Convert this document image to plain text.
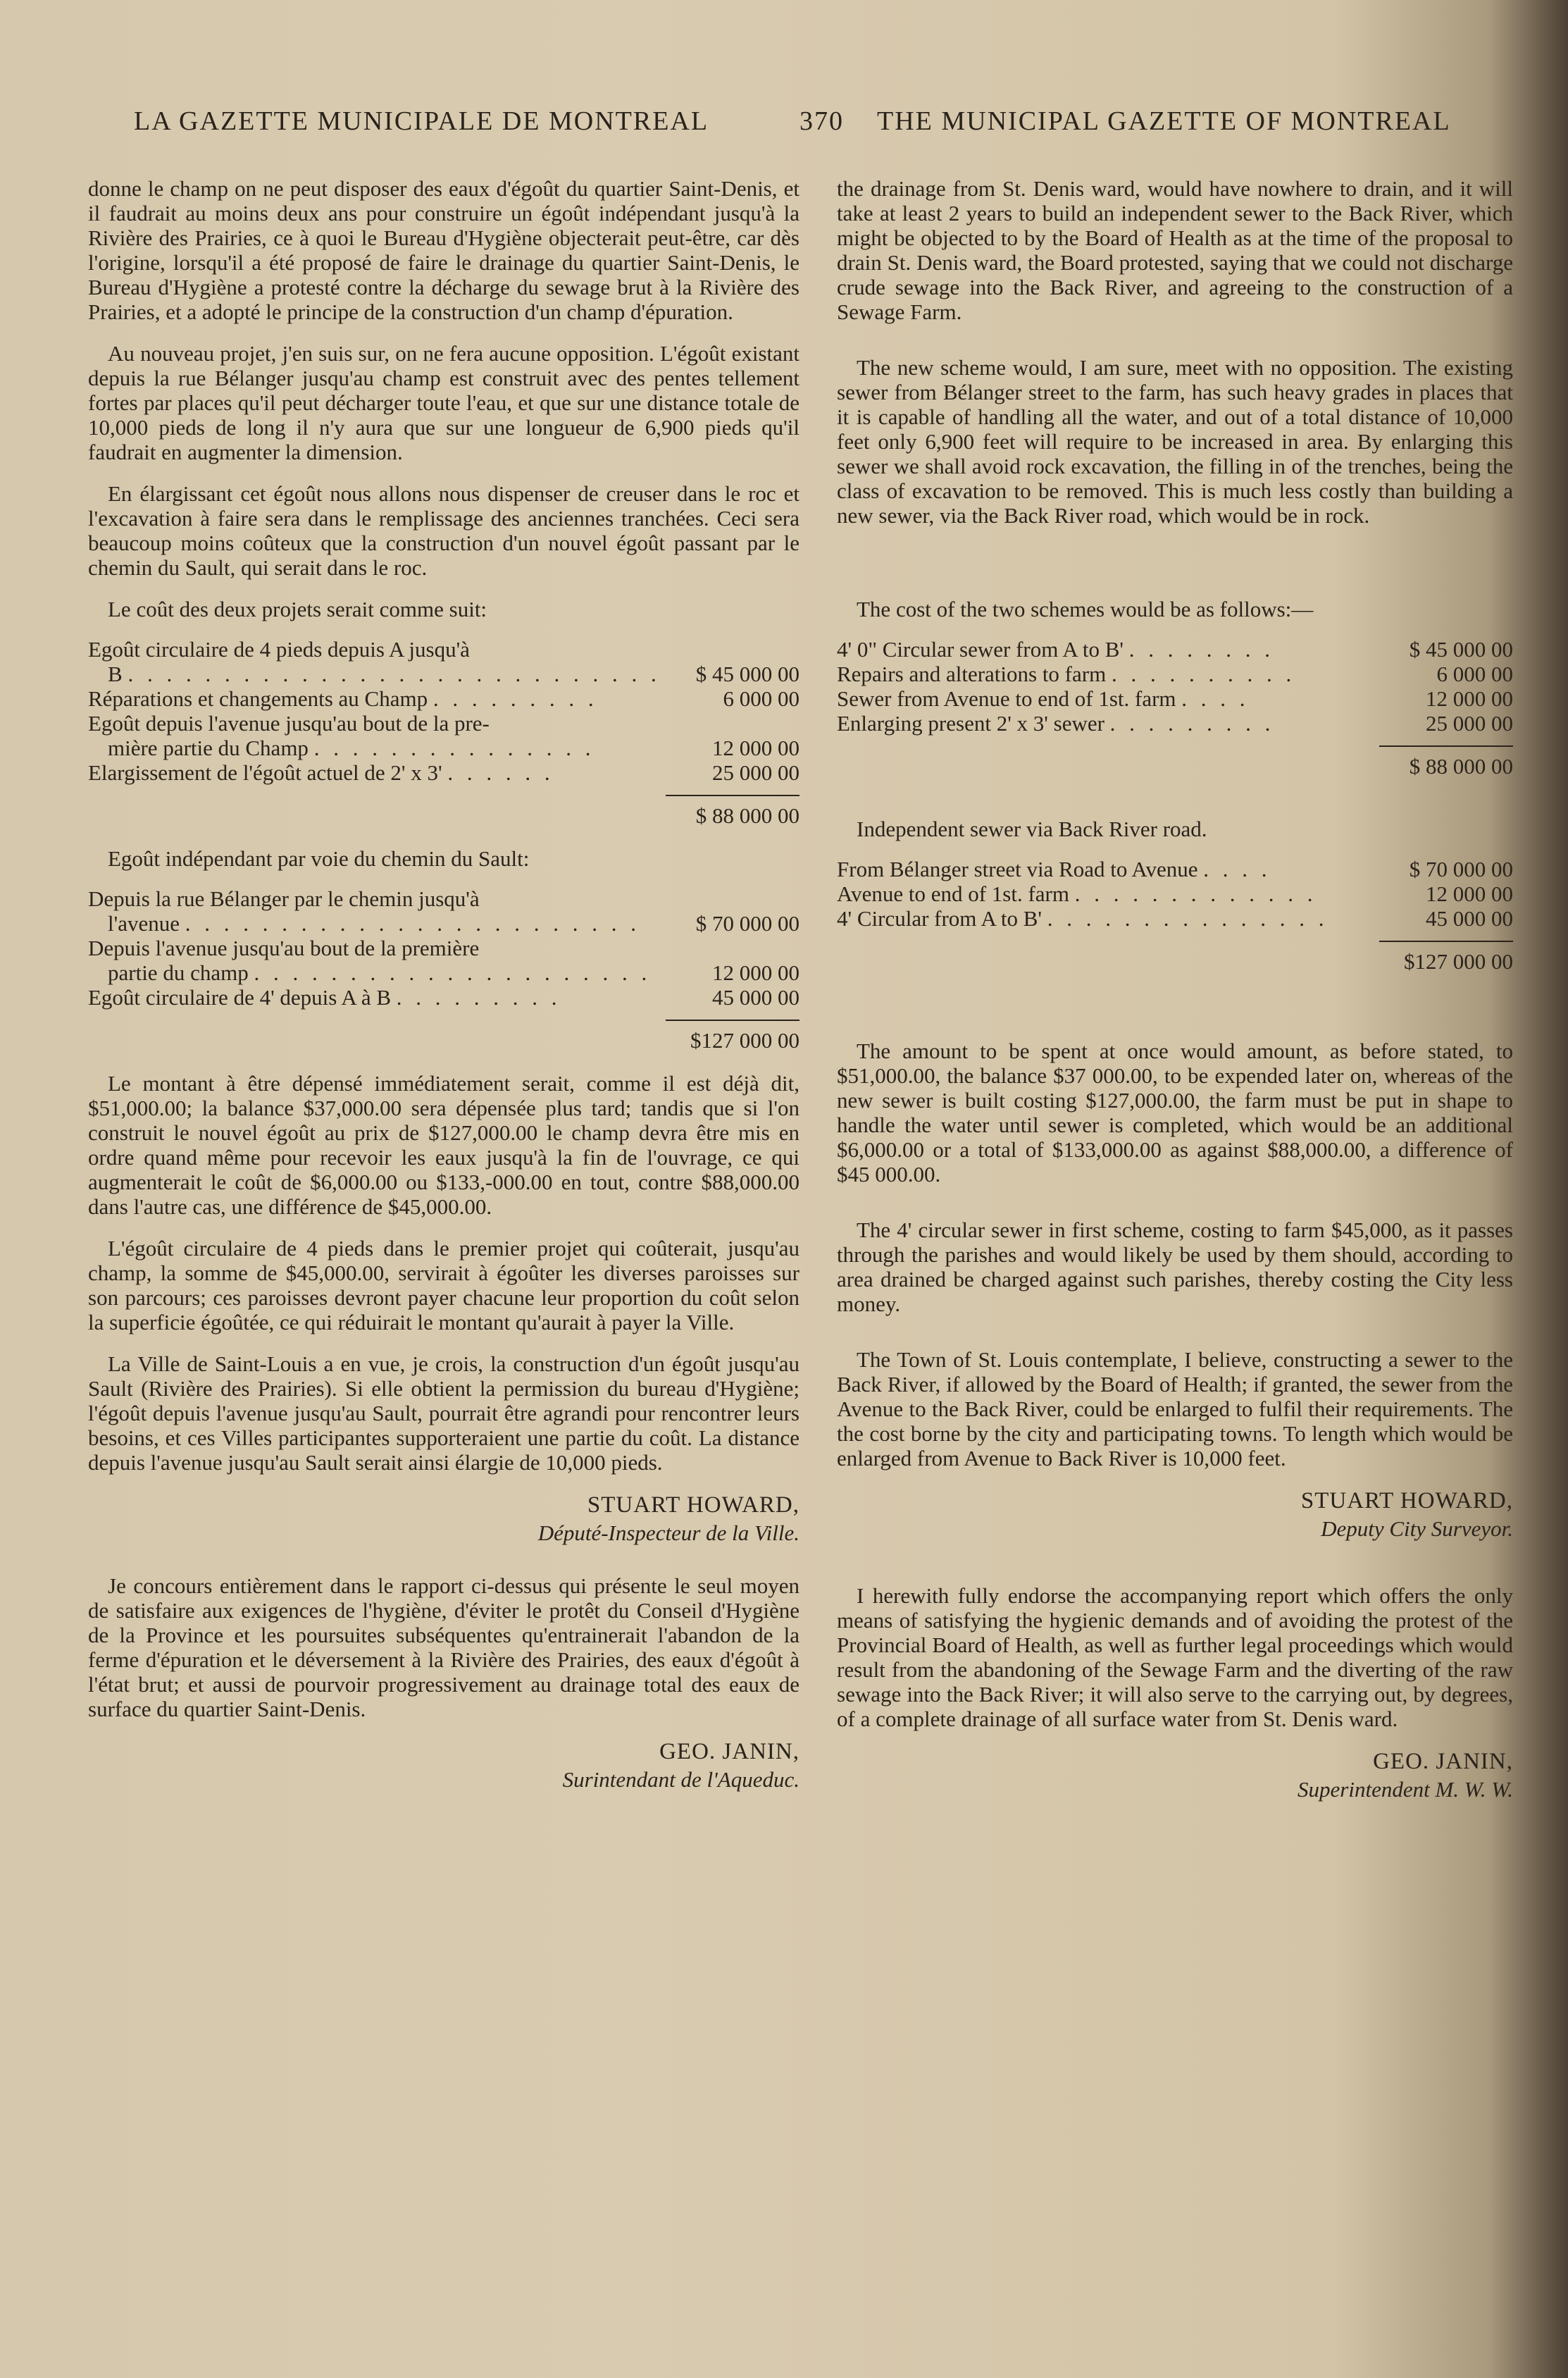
LA GAZETTE MUNICIPALE DE MONTREAL	370 THE MUNICIPAL GAZETTE OF MONTREAL

donne le champ on ne peut disposer des eaux d'égoût du quartier Saint-Denis, et il faudrait au moins deux ans pour construire un égoût indépendant jusqu'à la Rivière des Prairies, ce à quoi le Bureau d'Hygiène objecterait peut-être, car dès l'origine, lorsqu'il a été proposé de faire le drainage du quartier Saint-Denis, le Bureau d'Hygiène a protesté contre la décharge du sewage brut à la Rivière des Prairies, et a adopté le principe de la construction d'un champ d'épuration.

Au nouveau projet, j'en suis sur, on ne fera aucune opposition. L'égoût existant depuis la rue Bélanger jusqu'au champ est construit avec des pentes tellement fortes par places qu'il peut décharger toute l'eau, et que sur une distance totale de 10,000 pieds de long il n'y aura que sur une longueur de 6,900 pieds qu'il faudrait en augmenter la dimension.

En élargissant cet égoût nous allons nous dispenser de creuser dans le roc et l'excavation à faire sera dans le remplissage des anciennes tranchées. Ceci sera beaucoup moins coûteux que la construction d'un nouvel égoût passant par le chemin du Sault, qui serait dans le roc.

Le coût des deux projets serait comme suit:

Egoût circulaire de 4 pieds depuis A jusqu'à
B . . . . . . . . . . . . . . . . . . . . . . . . . . . .	$ 45 000 00
Réparations et changements au Champ . . . . . . . . .	6 000 00
Egoût depuis l'avenue jusqu'au bout de la pre-
mière partie du Champ . . . . . . . . . . . . . . .	12 000 00
Elargissement de l'égoût actuel de 2' x 3' . . . . . .	25 000 00

$ 88 000 00

Egoût indépendant par voie du chemin du Sault:

Depuis la rue Bélanger par le chemin jusqu'à
l'avenue . . . . . . . . . . . . . . . . . . . . . . . .	$ 70 000 00
Depuis l'avenue jusqu'au bout de la première
partie du champ . . . . . . . . . . . . . . . . . . . . .	12 000 00
Egoût circulaire de 4' depuis A à B . . . . . . . . .	45 000 00

$127 000 00

Le montant à être dépensé immédiatement serait, comme il est déjà dit, $51,000.00; la balance $37,000.00 sera dépensée plus tard; tandis que si l'on construit le nouvel égoût au prix de $127,000.00 le champ devra être mis en ordre quand même pour recevoir les eaux jusqu'à la fin de l'ouvrage, ce qui augmenterait le coût de $6,000.00 ou $133,-000.00 en tout, contre $88,000.00 dans l'autre cas, une différence de $45,000.00.

L'égoût circulaire de 4 pieds dans le premier projet qui coûterait, jusqu'au champ, la somme de $45,000.00, servirait à égoûter les diverses paroisses sur son parcours; ces paroisses devront payer chacune leur proportion du coût selon la superficie égoûtée, ce qui réduirait le montant qu'aurait à payer la Ville.

La Ville de Saint-Louis a en vue, je crois, la construction d'un égoût jusqu'au Sault (Rivière des Prairies). Si elle obtient la permission du bureau d'Hygiène; l'égoût depuis l'avenue jusqu'au Sault, pourrait être agrandi pour rencontrer leurs besoins, et ces Villes participantes supporteraient une partie du coût. La distance depuis l'avenue jusqu'au Sault serait ainsi élargie de 10,000 pieds.

STUART HOWARD,

Député-Inspecteur de la Ville.

Je concours entièrement dans le rapport ci-dessus qui présente le seul moyen de satisfaire aux exigences de l'hygiène, d'éviter le protêt du Conseil d'Hygiène de la Province et les poursuites subséquentes qu'entrainerait l'abandon de la ferme d'épuration et le déversement à la Rivière des Prairies, des eaux d'égoût à l'état brut; et aussi de pourvoir progressivement au drainage total des eaux de surface du quartier Saint-Denis.

GEO. JANIN,

Surintendant de l'Aqueduc.

the drainage from St. Denis ward, would have nowhere to drain, and it will take at least 2 years to build an independent sewer to the Back River, which might be objected to by the Board of Health as at the time of the proposal to drain St. Denis ward, the Board protested, saying that we could not discharge crude sewage into the Back River, and agreeing to the construction of a Sewage Farm.

The new scheme would, I am sure, meet with no opposition. The existing sewer from Bélanger street to the farm, has such heavy grades in places that it is capable of handling all the water, and out of a total distance of 10,000 feet only 6,900 feet will require to be increased in area. By enlarging this sewer we shall avoid rock excavation, the filling in of the trenches, being the class of excavation to be removed. This is much less costly than building a new sewer, via the Back River road, which would be in rock.

The cost of the two schemes would be as follows:—

4' 0" Circular sewer from A to B' . . . . . . . .	$ 45 000 00
Repairs and alterations to farm . . . . . . . . . .	6 000 00
Sewer from Avenue to end of 1st. farm . . . .	12 000 00
Enlarging present 2' x 3' sewer . . . . . . . . .	25 000 00

$ 88 000 00

Independent sewer via Back River road.

From Bélanger street via Road to Avenue . . . .	$ 70 000 00
Avenue to end of 1st. farm . . . . . . . . . . . . .	12 000 00
4' Circular from A to B' . . . . . . . . . . . . . . .	45 000 00

$127 000 00

The amount to be spent at once would amount, as before stated, to $51,000.00, the balance $37 000.00, to be expended later on, whereas of the new sewer is built costing $127,000.00, the farm must be put in shape to handle the water until sewer is completed, which would be an additional $6,000.00 or a total of $133,000.00 as against $88,000.00, a difference of $45 000.00.

The 4' circular sewer in first scheme, costing to farm $45,000, as it passes through the parishes and would likely be used by them should, according to area drained be charged against such parishes, thereby costing the City less money.

The Town of St. Louis contemplate, I believe, constructing a sewer to the Back River, if allowed by the Board of Health; if granted, the sewer from the Avenue to the Back River, could be enlarged to fulfil their requirements. The the cost borne by the city and participating towns. To length which would be enlarged from Avenue to Back River is 10,000 feet.

STUART HOWARD,

Deputy City Surveyor.

I herewith fully endorse the accompanying report which offers the only means of satisfying the hygienic demands and of avoiding the protest of the Provincial Board of Health, as well as further legal proceedings which would result from the abandoning of the Sewage Farm and the diverting of the raw sewage into the Back River; it will also serve to the carrying out, by degrees, of a complete drainage of all surface water from St. Denis ward.

GEO. JANIN,

Superintendent M. W. W.
